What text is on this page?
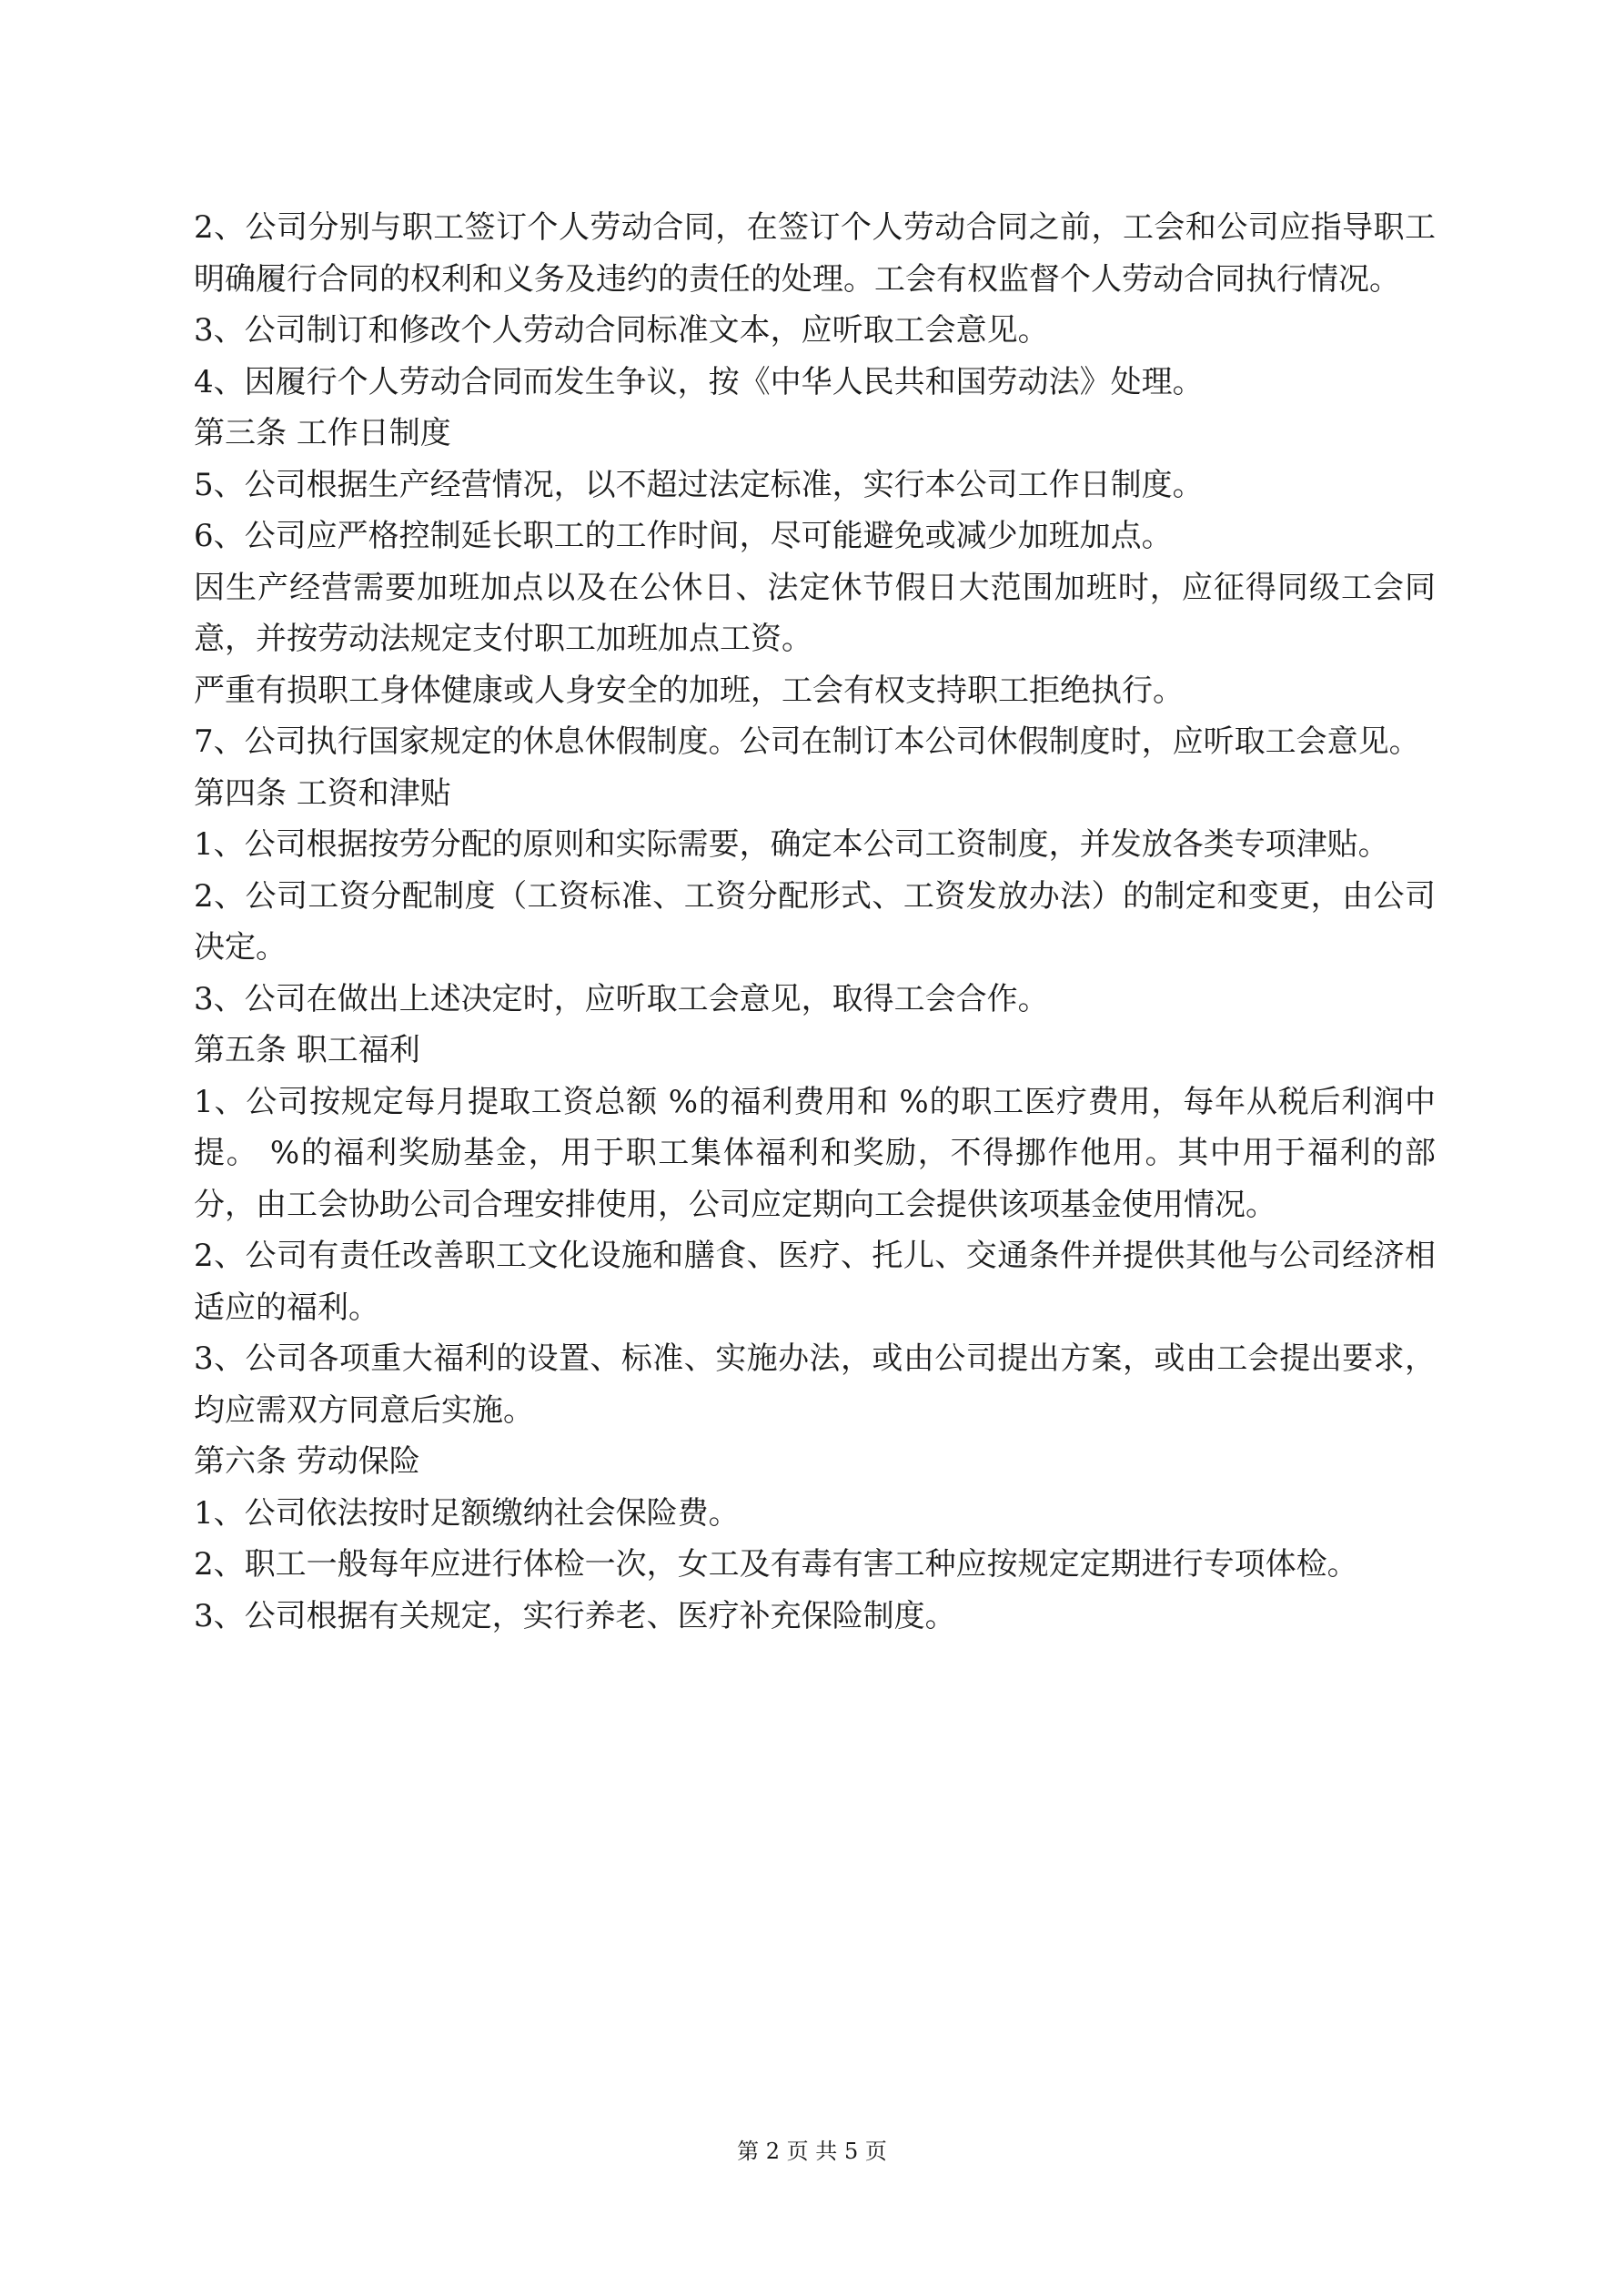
2、公司分别与职工签订个人劳动合同，在签订个人劳动合同之前，工会和公司应指导职工明确履行合同的权利和义务及违约的责任的处理。工会有权监督个人劳动合同执行情况。

3、公司制订和修改个人劳动合同标准文本，应听取工会意见。

4、因履行个人劳动合同而发生争议，按《中华人民共和国劳动法》处理。

第三条 工作日制度

5、公司根据生产经营情况，以不超过法定标准，实行本公司工作日制度。

6、公司应严格控制延长职工的工作时间，尽可能避免或减少加班加点。

因生产经营需要加班加点以及在公休日、法定休节假日大范围加班时，应征得同级工会同意，并按劳动法规定支付职工加班加点工资。

严重有损职工身体健康或人身安全的加班，工会有权支持职工拒绝执行。

7、公司执行国家规定的休息休假制度。公司在制订本公司休假制度时，应听取工会意见。

第四条 工资和津贴

1、公司根据按劳分配的原则和实际需要，确定本公司工资制度，并发放各类专项津贴。

2、公司工资分配制度（工资标准、工资分配形式、工资发放办法）的制定和变更，由公司决定。

3、公司在做出上述决定时，应听取工会意见，取得工会合作。

第五条 职工福利

1、公司按规定每月提取工资总额 %的福利费用和 %的职工医疗费用，每年从税后利润中提。 %的福利奖励基金，用于职工集体福利和奖励，不得挪作他用。其中用于福利的部分，由工会协助公司合理安排使用，公司应定期向工会提供该项基金使用情况。

2、公司有责任改善职工文化设施和膳食、医疗、托儿、交通条件并提供其他与公司经济相适应的福利。

3、公司各项重大福利的设置、标准、实施办法，或由公司提出方案，或由工会提出要求，均应需双方同意后实施。

第六条 劳动保险

1、公司依法按时足额缴纳社会保险费。

2、职工一般每年应进行体检一次，女工及有毒有害工种应按规定定期进行专项体检。

3、公司根据有关规定，实行养老、医疗补充保险制度。

第 2 页 共 5 页
